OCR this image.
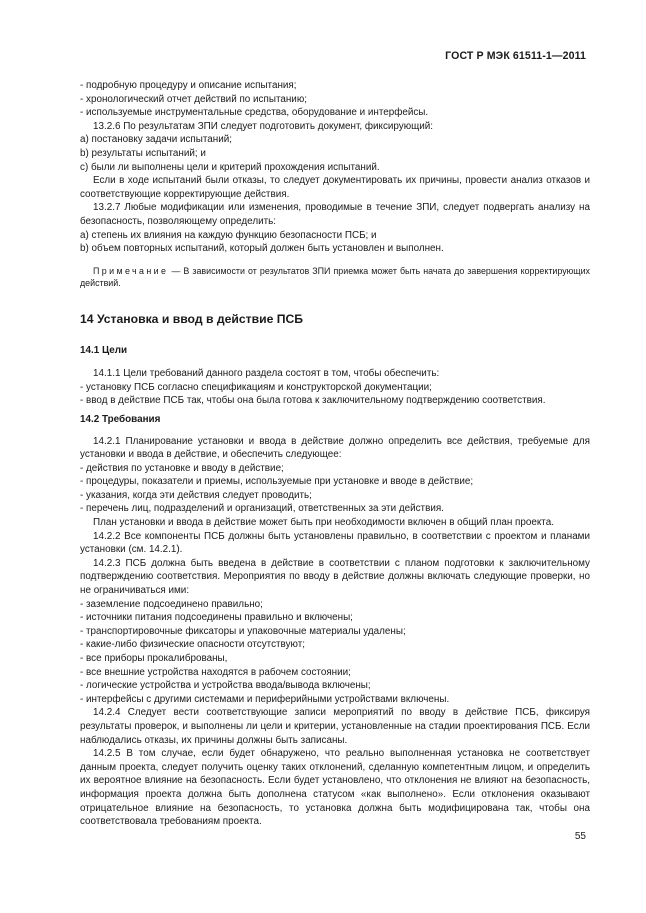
ГОСТ Р МЭК 61511-1—2011

- подробную процедуру и описание испытания;

- хронологический отчет действий по испытанию;

- используемые инструментальные средства, оборудование и интерфейсы.

13.2.6 По результатам ЗПИ следует подготовить документ, фиксирующий:

a) постановку задачи испытаний;

b) результаты испытаний; и

c) были ли выполнены цели и критерий прохождения испытаний.

Если в ходе испытаний были отказы, то следует документировать их причины, провести анализ отказов и соответствующие корректирующие действия.

13.2.7 Любые модификации или изменения, проводимые в течение ЗПИ, следует подвергать анализу на безопасность, позволяющему определить:

a) степень их влияния на каждую функцию безопасности ПСБ; и

b) объем повторных испытаний, который должен быть установлен и выполнен.

Примечание — В зависимости от результатов ЗПИ приемка может быть начата до завершения корректирующих действий.

14 Установка и ввод в действие ПСБ

14.1 Цели

14.1.1 Цели требований данного раздела состоят в том, чтобы обеспечить:

- установку ПСБ согласно спецификациям и конструкторской документации;

- ввод в действие ПСБ так, чтобы она была готова к заключительному подтверждению соответствия.

14.2 Требования

14.2.1 Планирование установки и ввода в действие должно определить все действия, требуемые для установки и ввода в действие, и обеспечить следующее:

- действия по установке и вводу в действие;

- процедуры, показатели и приемы, используемые при установке и вводе в действие;

- указания, когда эти действия следует проводить;

- перечень лиц, подразделений и организаций, ответственных за эти действия.

План установки и ввода в действие может быть при необходимости включен в общий план проекта.

14.2.2 Все компоненты ПСБ должны быть установлены правильно, в соответствии с проектом и планами установки (см. 14.2.1).

14.2.3 ПСБ должна быть введена в действие в соответствии с планом подготовки к заключительному подтверждению соответствия. Мероприятия по вводу в действие должны включать следующие проверки, но не ограничиваться ими:

- заземление подсоединено правильно;

- источники питания подсоединены правильно и включены;

- транспортировочные фиксаторы и упаковочные материалы удалены;

- какие-либо физические опасности отсутствуют;

- все приборы прокалиброваны,

- все внешние устройства находятся в рабочем состоянии;

- логические устройства и устройства ввода/вывода включены;

- интерфейсы с другими системами и периферийными устройствами включены.

14.2.4 Следует вести соответствующие записи мероприятий по вводу в действие ПСБ, фиксируя результаты проверок, и выполнены ли цели и критерии, установленные на стадии проектирования ПСБ. Если наблюдались отказы, их причины должны быть записаны.

14.2.5 В том случае, если будет обнаружено, что реально выполненная установка не соответствует данным проекта, следует получить оценку таких отклонений, сделанную компетентным лицом, и определить их вероятное влияние на безопасность. Если будет установлено, что отклонения не влияют на безопасность, информация проекта должна быть дополнена статусом «как выполнено». Если отклонения оказывают отрицательное влияние на безопасность, то установка должна быть модифицирована так, чтобы она соответствовала требованиям проекта.

55
